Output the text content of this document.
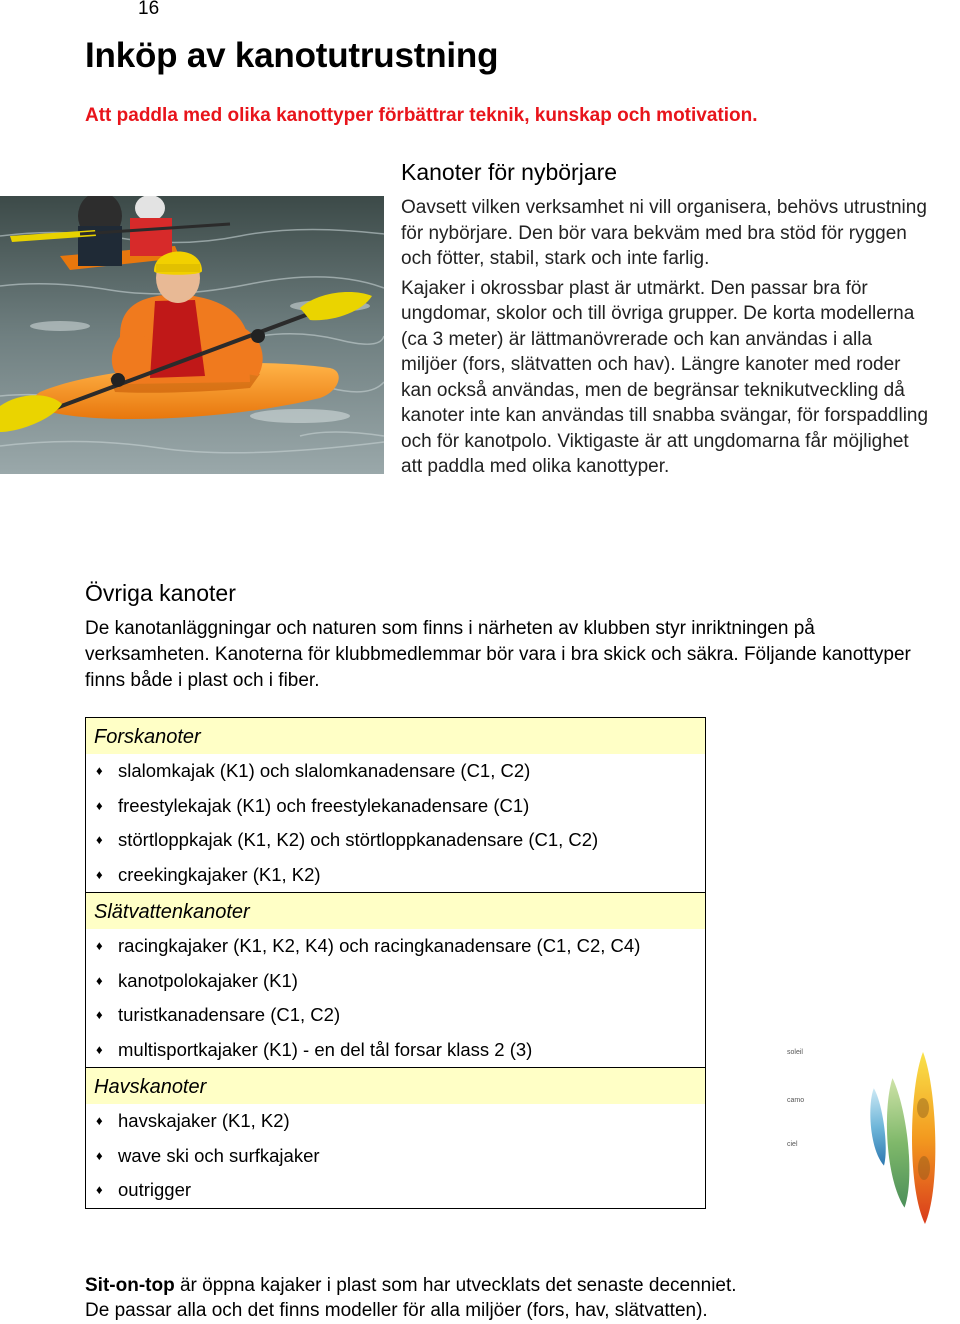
16
Inköp av kanotutrustning
Att paddla med olika kanottyper förbättrar teknik, kunskap och motivation.
Kanoter för nybörjare

Oavsett vilken verksamhet ni vill organisera, behövs utrustning för nybörjare. Den bör vara bekväm med bra stöd för ryggen och fötter, stabil, stark och inte farlig.

Kajaker i okrossbar plast är utmärkt. Den passar bra för ungdomar, skolor och till övriga grupper. De korta modellerna (ca 3 meter) är lättmanövrerade och kan användas i alla miljöer (fors, slätvatten och hav). Längre kanoter med roder kan också användas, men de begränsar teknikutveckling då kanoter inte kan användas till snabba svängar, för forspaddling och för kanotpolo. Viktigaste är att ungdomarna får möjlighet att paddla med olika kanottyper.

Övriga kanoter

De kanotanläggningar och naturen som finns i närheten av klubben styr inriktningen på verksamheten. Kanoterna för klubbmedlemmar bör vara i bra skick och säkra. Följande kanottyper finns både i plast och i fiber.

Forskanoter
♦ slalomkajak (K1) och slalomkanadensare (C1, C2)
♦ freestylekajak (K1) och freestylekanadensare (C1)
♦ störtloppkajak (K1, K2) och störtloppkanadensare (C1, C2)
♦ creekingkajaker (K1, K2)
Slätvattenkanoter
♦ racingkajaker (K1, K2, K4) och racingkanadensare (C1, C2, C4)
♦ kanotpolokajaker (K1)
♦ turistkanadensare (C1, C2)
♦ multisportkajaker (K1) - en del tål forsar klass 2 (3)
Havskanoter
♦ havskajaker (K1, K2)
♦ wave ski och surfkajaker
♦ outrigger
soleil
camo
ciel

Sit-on-top är öppna kajaker i plast som har utvecklats det senaste decenniet.

De passar alla och det finns modeller för alla miljöer (fors, hav, slätvatten).
